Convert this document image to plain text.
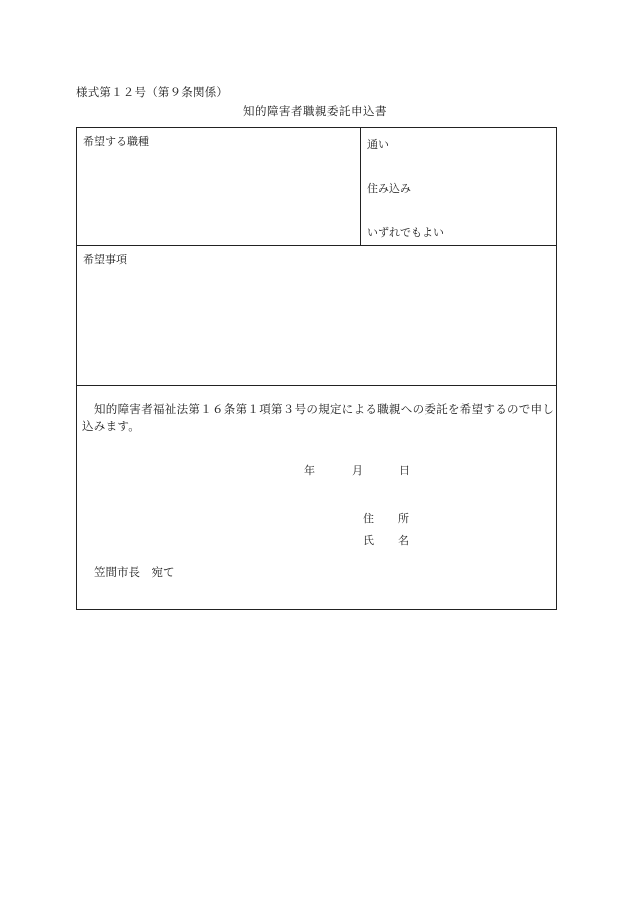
様式第１２号（第９条関係）
知的障害者職親委託申込書
希望する職種	通い
住み込み
いずれでもよい
希望事項
知的障害者福祉法第１６条第１項第３号の規定による職親への委託を希望するので申し込みます。
年	月	日
住 所
氏 名
笠間市長　宛て
